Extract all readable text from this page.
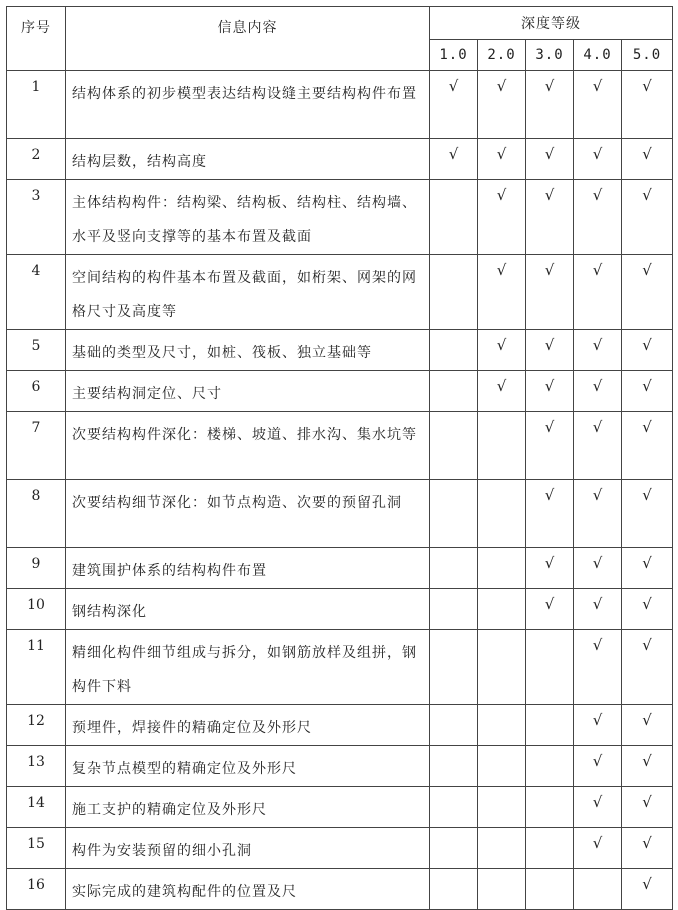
序号	信息内容	深度等级				
		1.0	2.0	3.0	4.0	5.0
1	结构体系的初步模型表达结构设缝主要结构构件布置	√	√	√	√	√
2	结构层数，结构高度	√	√	√	√	√
3	主体结构构件：结构梁、结构板、结构柱、结构墙、水平及竖向支撑等的基本布置及截面		√	√	√	√
4	空间结构的构件基本布置及截面，如桁架、网架的网格尺寸及高度等		√	√	√	√
5	基础的类型及尺寸，如桩、筏板、独立基础等		√	√	√	√
6	主要结构洞定位、尺寸		√	√	√	√
7	次要结构构件深化：楼梯、坡道、排水沟、集水坑等			√	√	√
8	次要结构细节深化：如节点构造、次要的预留孔洞			√	√	√
9	建筑围护体系的结构构件布置			√	√	√
10	钢结构深化			√	√	√
11	精细化构件细节组成与拆分，如钢筋放样及组拼，钢构件下料				√	√
12	预埋件，焊接件的精确定位及外形尺				√	√
13	复杂节点模型的精确定位及外形尺				√	√
14	施工支护的精确定位及外形尺				√	√
15	构件为安装预留的细小孔洞				√	√
16	实际完成的建筑构配件的位置及尺					√
